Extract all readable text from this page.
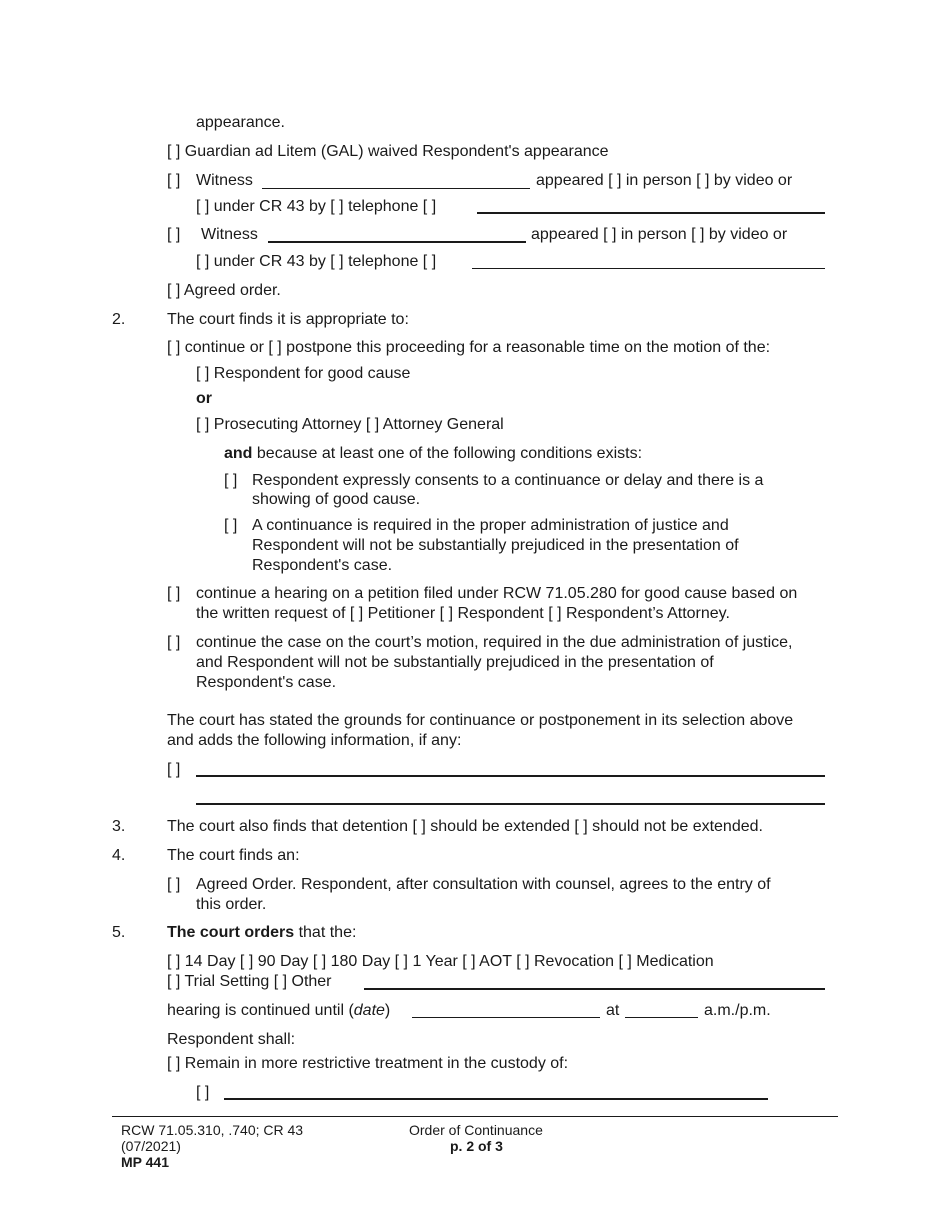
appearance.
[ ] Guardian ad Litem (GAL) waived Respondent's appearance
[ ] Witness	appeared [ ] in person [ ] by video or
[ ] under CR 43 by [ ] telephone [ ]
[ ] Witness	appeared [ ] in person [ ] by video or
[ ] under CR 43 by [ ] telephone [ ]
[ ] Agreed order.
2.	The court finds it is appropriate to:
[ ] continue or [ ] postpone this proceeding for a reasonable time on the motion of the:
[ ] Respondent for good cause
or
[ ] Prosecuting Attorney [ ] Attorney General
and because at least one of the following conditions exists:
[ ] Respondent expressly consents to a continuance or delay and there is a
showing of good cause.
[ ] A continuance is required in the proper administration of justice and
Respondent will not be substantially prejudiced in the presentation of
Respondent's case.
[ ] continue a hearing on a petition filed under RCW 71.05.280 for good cause based on
the written request of [ ] Petitioner [ ] Respondent [ ] Respondent’s Attorney.
[ ] continue the case on the court’s motion, required in the due administration of justice,
and Respondent will not be substantially prejudiced in the presentation of
Respondent's case.
The court has stated the grounds for continuance or postponement in its selection above
and adds the following information, if any:
[ ]
3.	The court also finds that detention [ ] should be extended [ ] should not be extended.
4.	The court finds an:
[ ] Agreed Order. Respondent, after consultation with counsel, agrees to the entry of
this order.
5.	The court orders that the:
[ ] 14 Day [ ] 90 Day [ ] 180 Day [ ] 1 Year [ ] AOT [ ] Revocation [ ] Medication
[ ] Trial Setting [ ] Other
hearing is continued until (date)	at	a.m./p.m.
Respondent shall:
[ ] Remain in more restrictive treatment in the custody of:
[ ]
RCW 71.05.310, .740; CR 43
(07/2021)
MP 441
Order of Continuance
p. 2 of 3
